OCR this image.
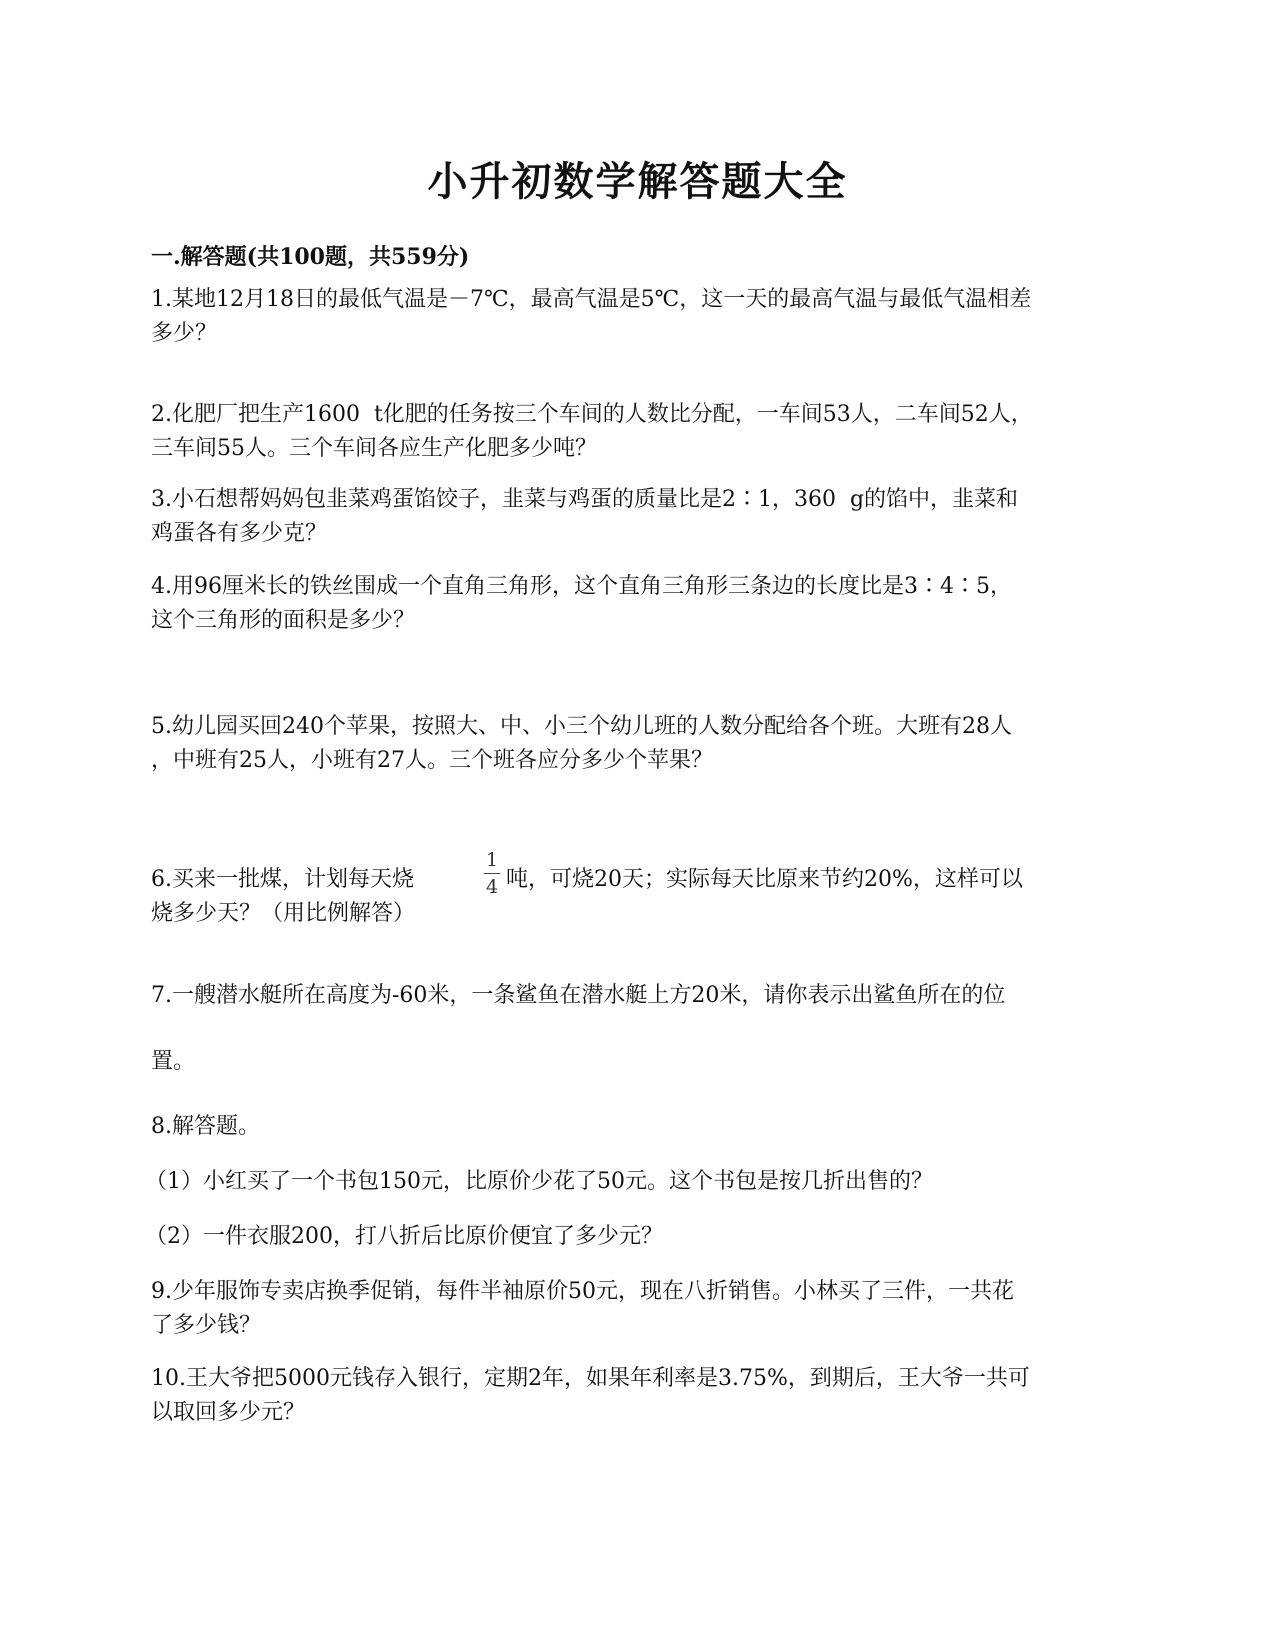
小升初数学解答题大全
一.解答题(共100题，共559分)

1.某地12月18日的最低气温是－7℃，最高气温是5℃，这一天的最高气温与最低气温相差
多少？

2.化肥厂把生产1600  t化肥的任务按三个车间的人数比分配，一车间53人，二车间52人，
三车间55人。三个车间各应生产化肥多少吨？

3.小石想帮妈妈包韭菜鸡蛋馅饺子，韭菜与鸡蛋的质量比是2∶1，360  g的馅中，韭菜和
鸡蛋各有多少克？

4.用96厘米长的铁丝围成一个直角三角形，这个直角三角形三条边的长度比是3∶4∶5，
这个三角形的面积是多少？

5.幼儿园买回240个苹果，按照大、中、小三个幼儿班的人数分配给各个班。大班有28人
，中班有25人，小班有27人。三个班各应分多少个苹果？

1
4

6.买来一批煤，计划每天烧	吨，可烧20天；实际每天比原来节约20%，这样可以
烧多少天？（用比例解答）

7.一艘潜水艇所在高度为-60米，一条鲨鱼在潜水艇上方20米，请你表示出鲨鱼所在的位
置。

8.解答题。

（1）小红买了一个书包150元，比原价少花了50元。这个书包是按几折出售的？

（2）一件衣服200，打八折后比原价便宜了多少元？

9.少年服饰专卖店换季促销，每件半袖原价50元，现在八折销售。小林买了三件，一共花
了多少钱？

10.王大爷把5000元钱存入银行，定期2年，如果年利率是3.75%，到期后，王大爷一共可
以取回多少元？
